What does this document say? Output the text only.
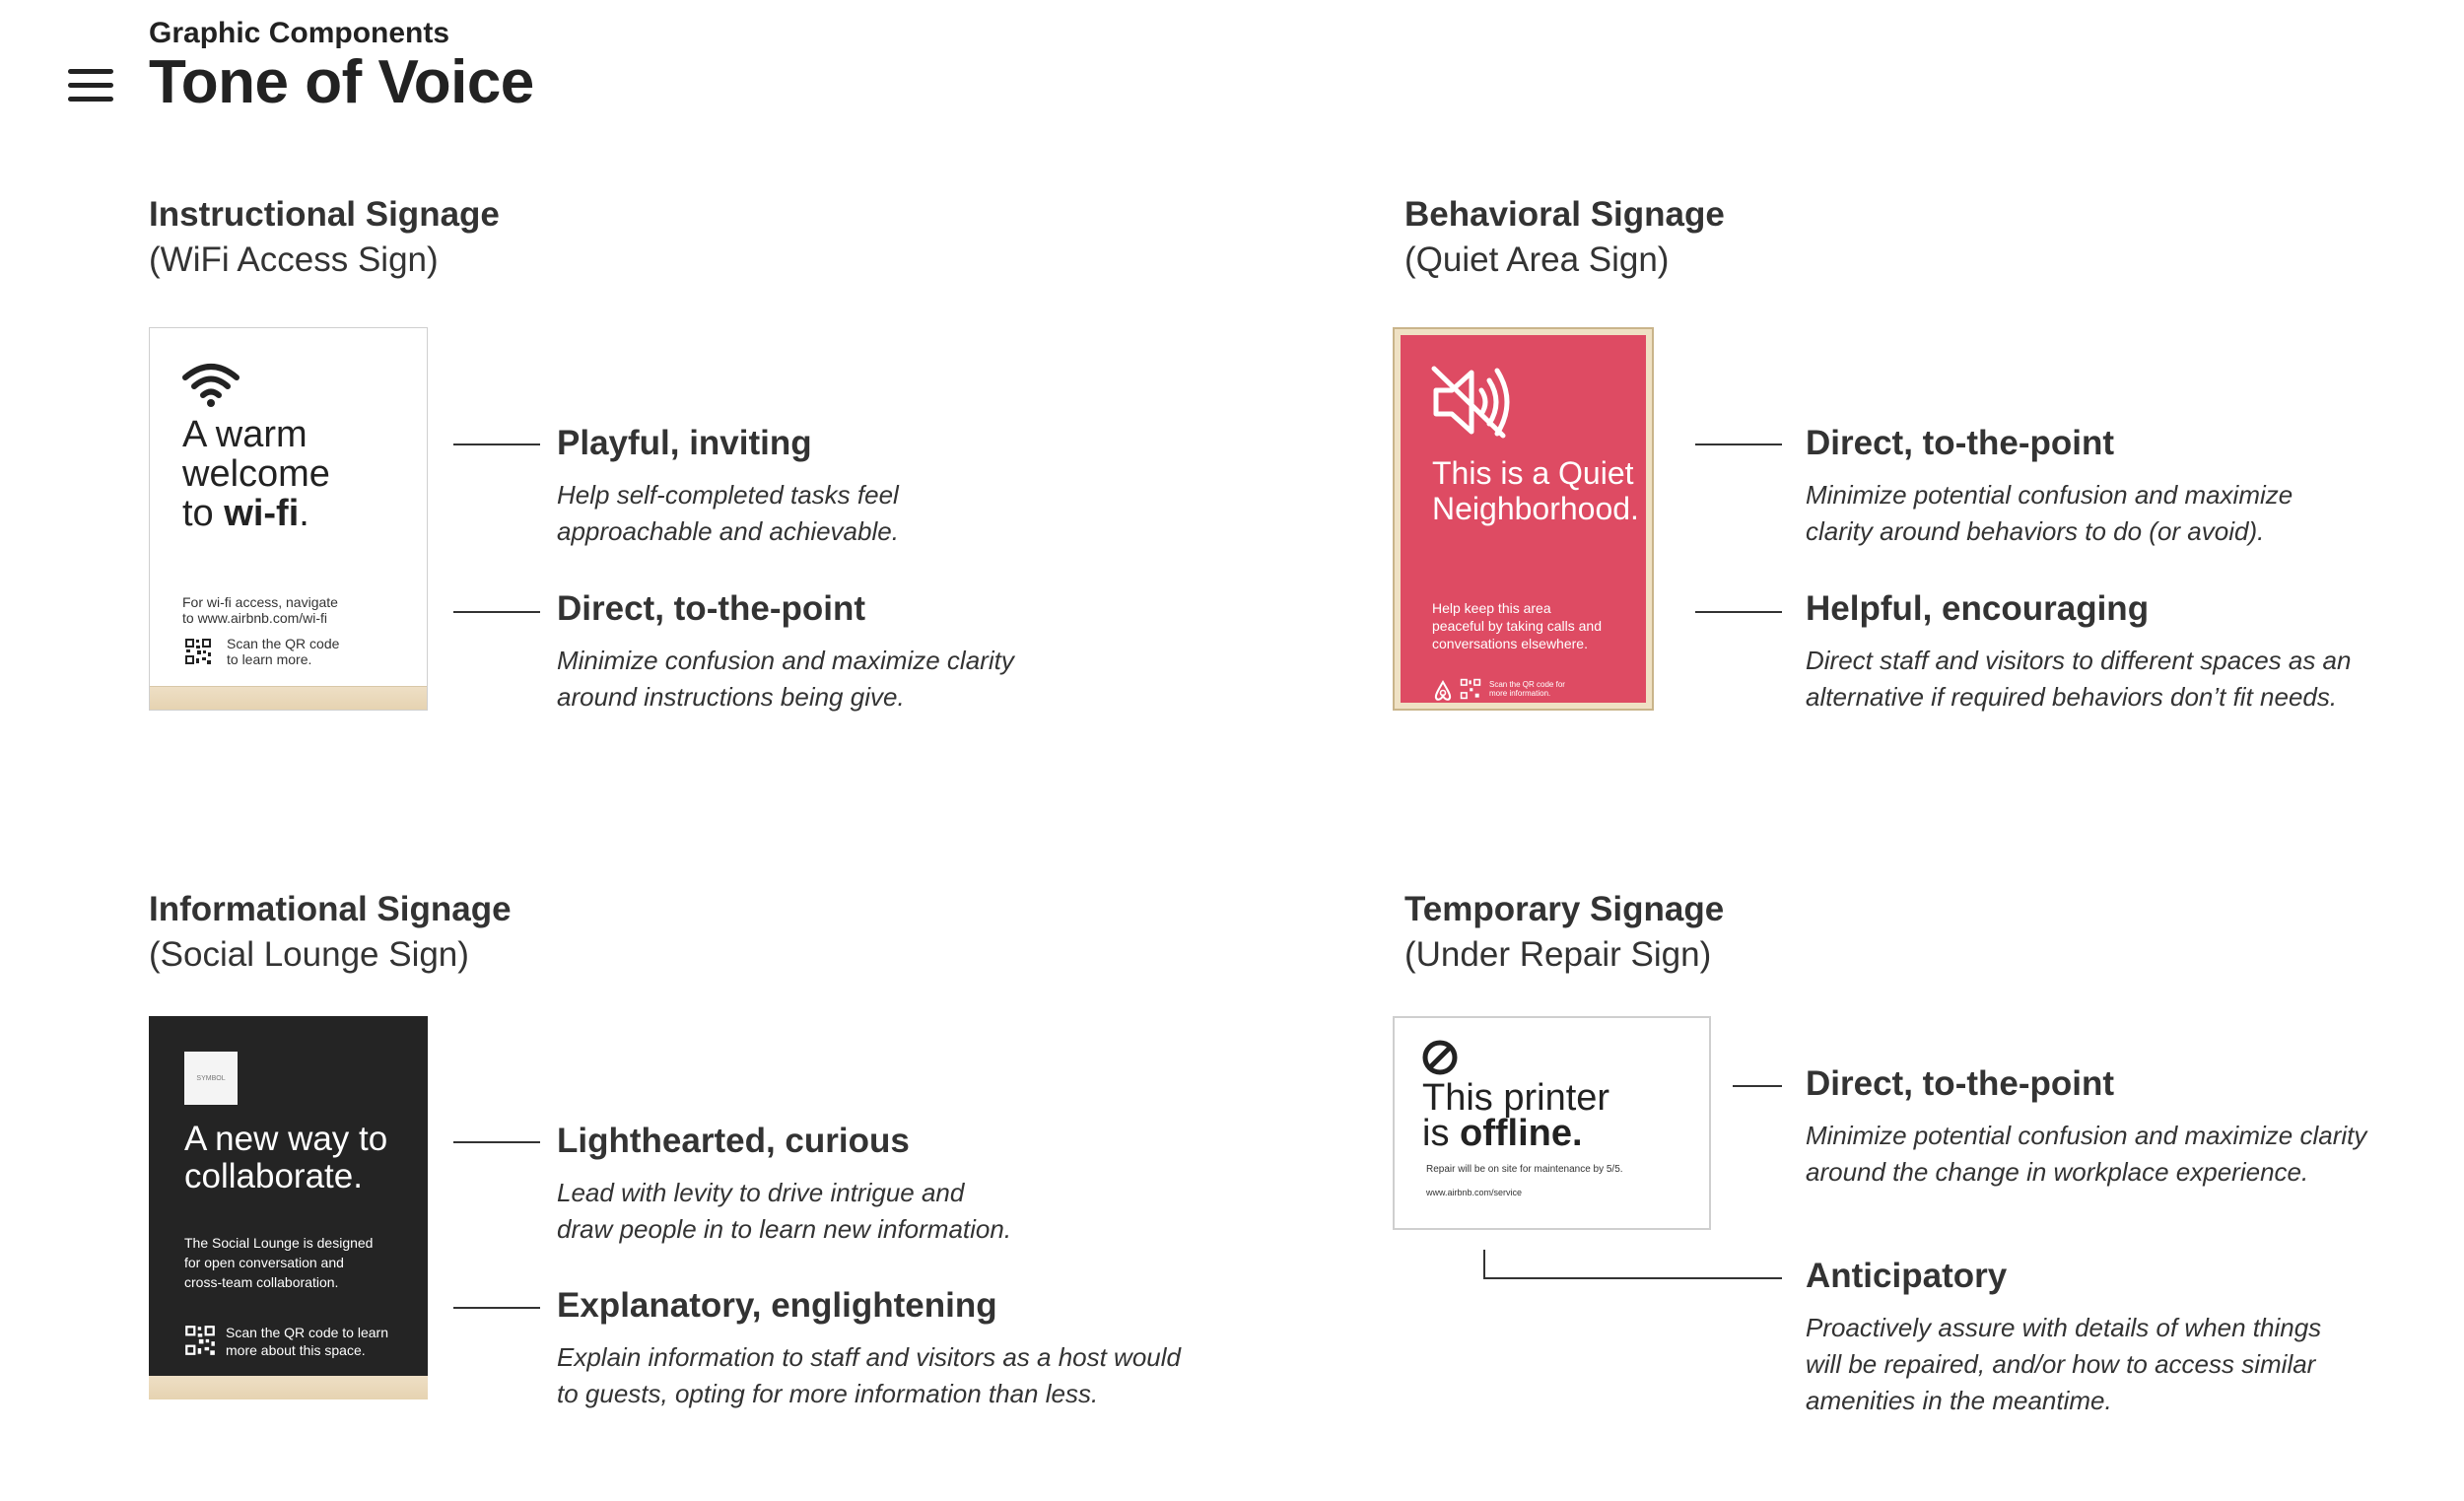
Graphic Components
Tone of Voice
Instructional Signage
(WiFi Access Sign)
A warm
welcome
to wi-fi.
For wi-fi access, navigate
to www.airbnb.com/wi-fi
Scan the QR code
to learn more.
Playful, inviting
Help self-completed tasks feel
approachable and achievable.
Direct, to-the-point
Minimize confusion and maximize clarity
around instructions being give.
Behavioral Signage
(Quiet Area Sign)
This is a Quiet
Neighborhood.
Help keep this area
peaceful by taking calls and
conversations elsewhere.
Scan the QR code for
more information.
Direct, to-the-point
Minimize potential confusion and maximize
clarity around behaviors to do (or avoid).
Helpful, encouraging
Direct staff and visitors to different spaces as an
alternative if required behaviors don’t fit needs.
Informational Signage
(Social Lounge Sign)
SYMBOL
A new way to
collaborate.
The Social Lounge is designed
for open conversation and
cross-team collaboration.
Scan the QR code to learn
more about this space.
Lighthearted, curious
Lead with levity to drive intrigue and
draw people in to learn new information.
Explanatory, englightening
Explain information to staff and visitors as a host would
to guests, opting for more information than less.
Temporary Signage
(Under Repair Sign)
This printer
is offline.
Repair will be on site for maintenance by 5/5.
www.airbnb.com/service
Direct, to-the-point
Minimize potential confusion and maximize clarity
around the change in workplace experience.
Anticipatory
Proactively assure with details of when things
will be repaired, and/or how to access similar
amenities in the meantime.
